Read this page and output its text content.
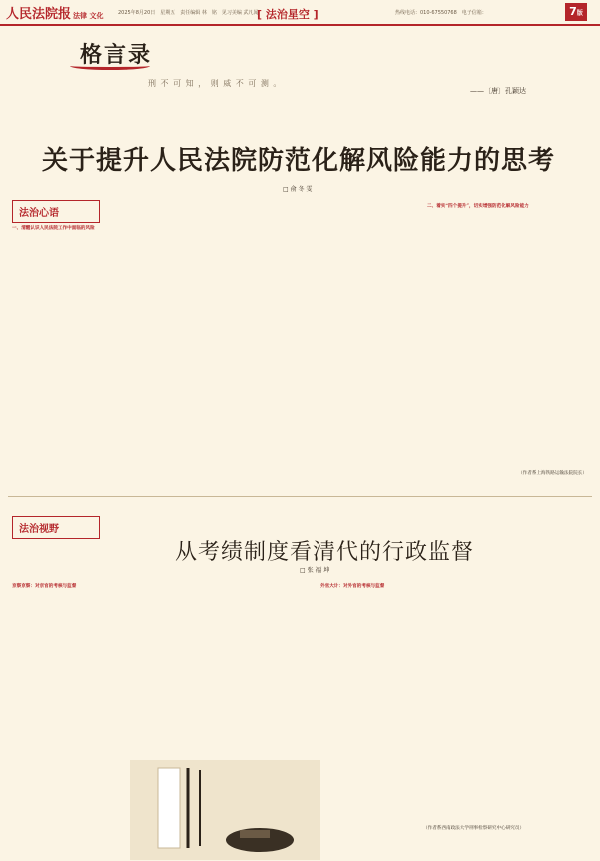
人民法院报 法律 文化	2025年8月20日　星期五　责任编辑 林　铭　见习美编 武凡闻
[ 法治星空 ]	热线电话：010-67550768　电子信箱：	7版
格言录
刑 不 可 知 ， 则 威 不 可 测 。
——〔唐〕孔颖达
关于提升人民法院防范化解风险能力的思考
□ 俞 冬 雯
法治心语
一、清醒认识人民法院工作中面临的风险
二、着实“四个提升”，切实增强防范化解风险能力
（作者系上海铁路运输法院院长）
法治视野
从考绩制度看清代的行政监督
□ 张 福 坤
京察京察：对京官的考核与监督	外官大计：对外官的考核与监督
（作者系西南政法大学刑事检察研究中心研究员）
